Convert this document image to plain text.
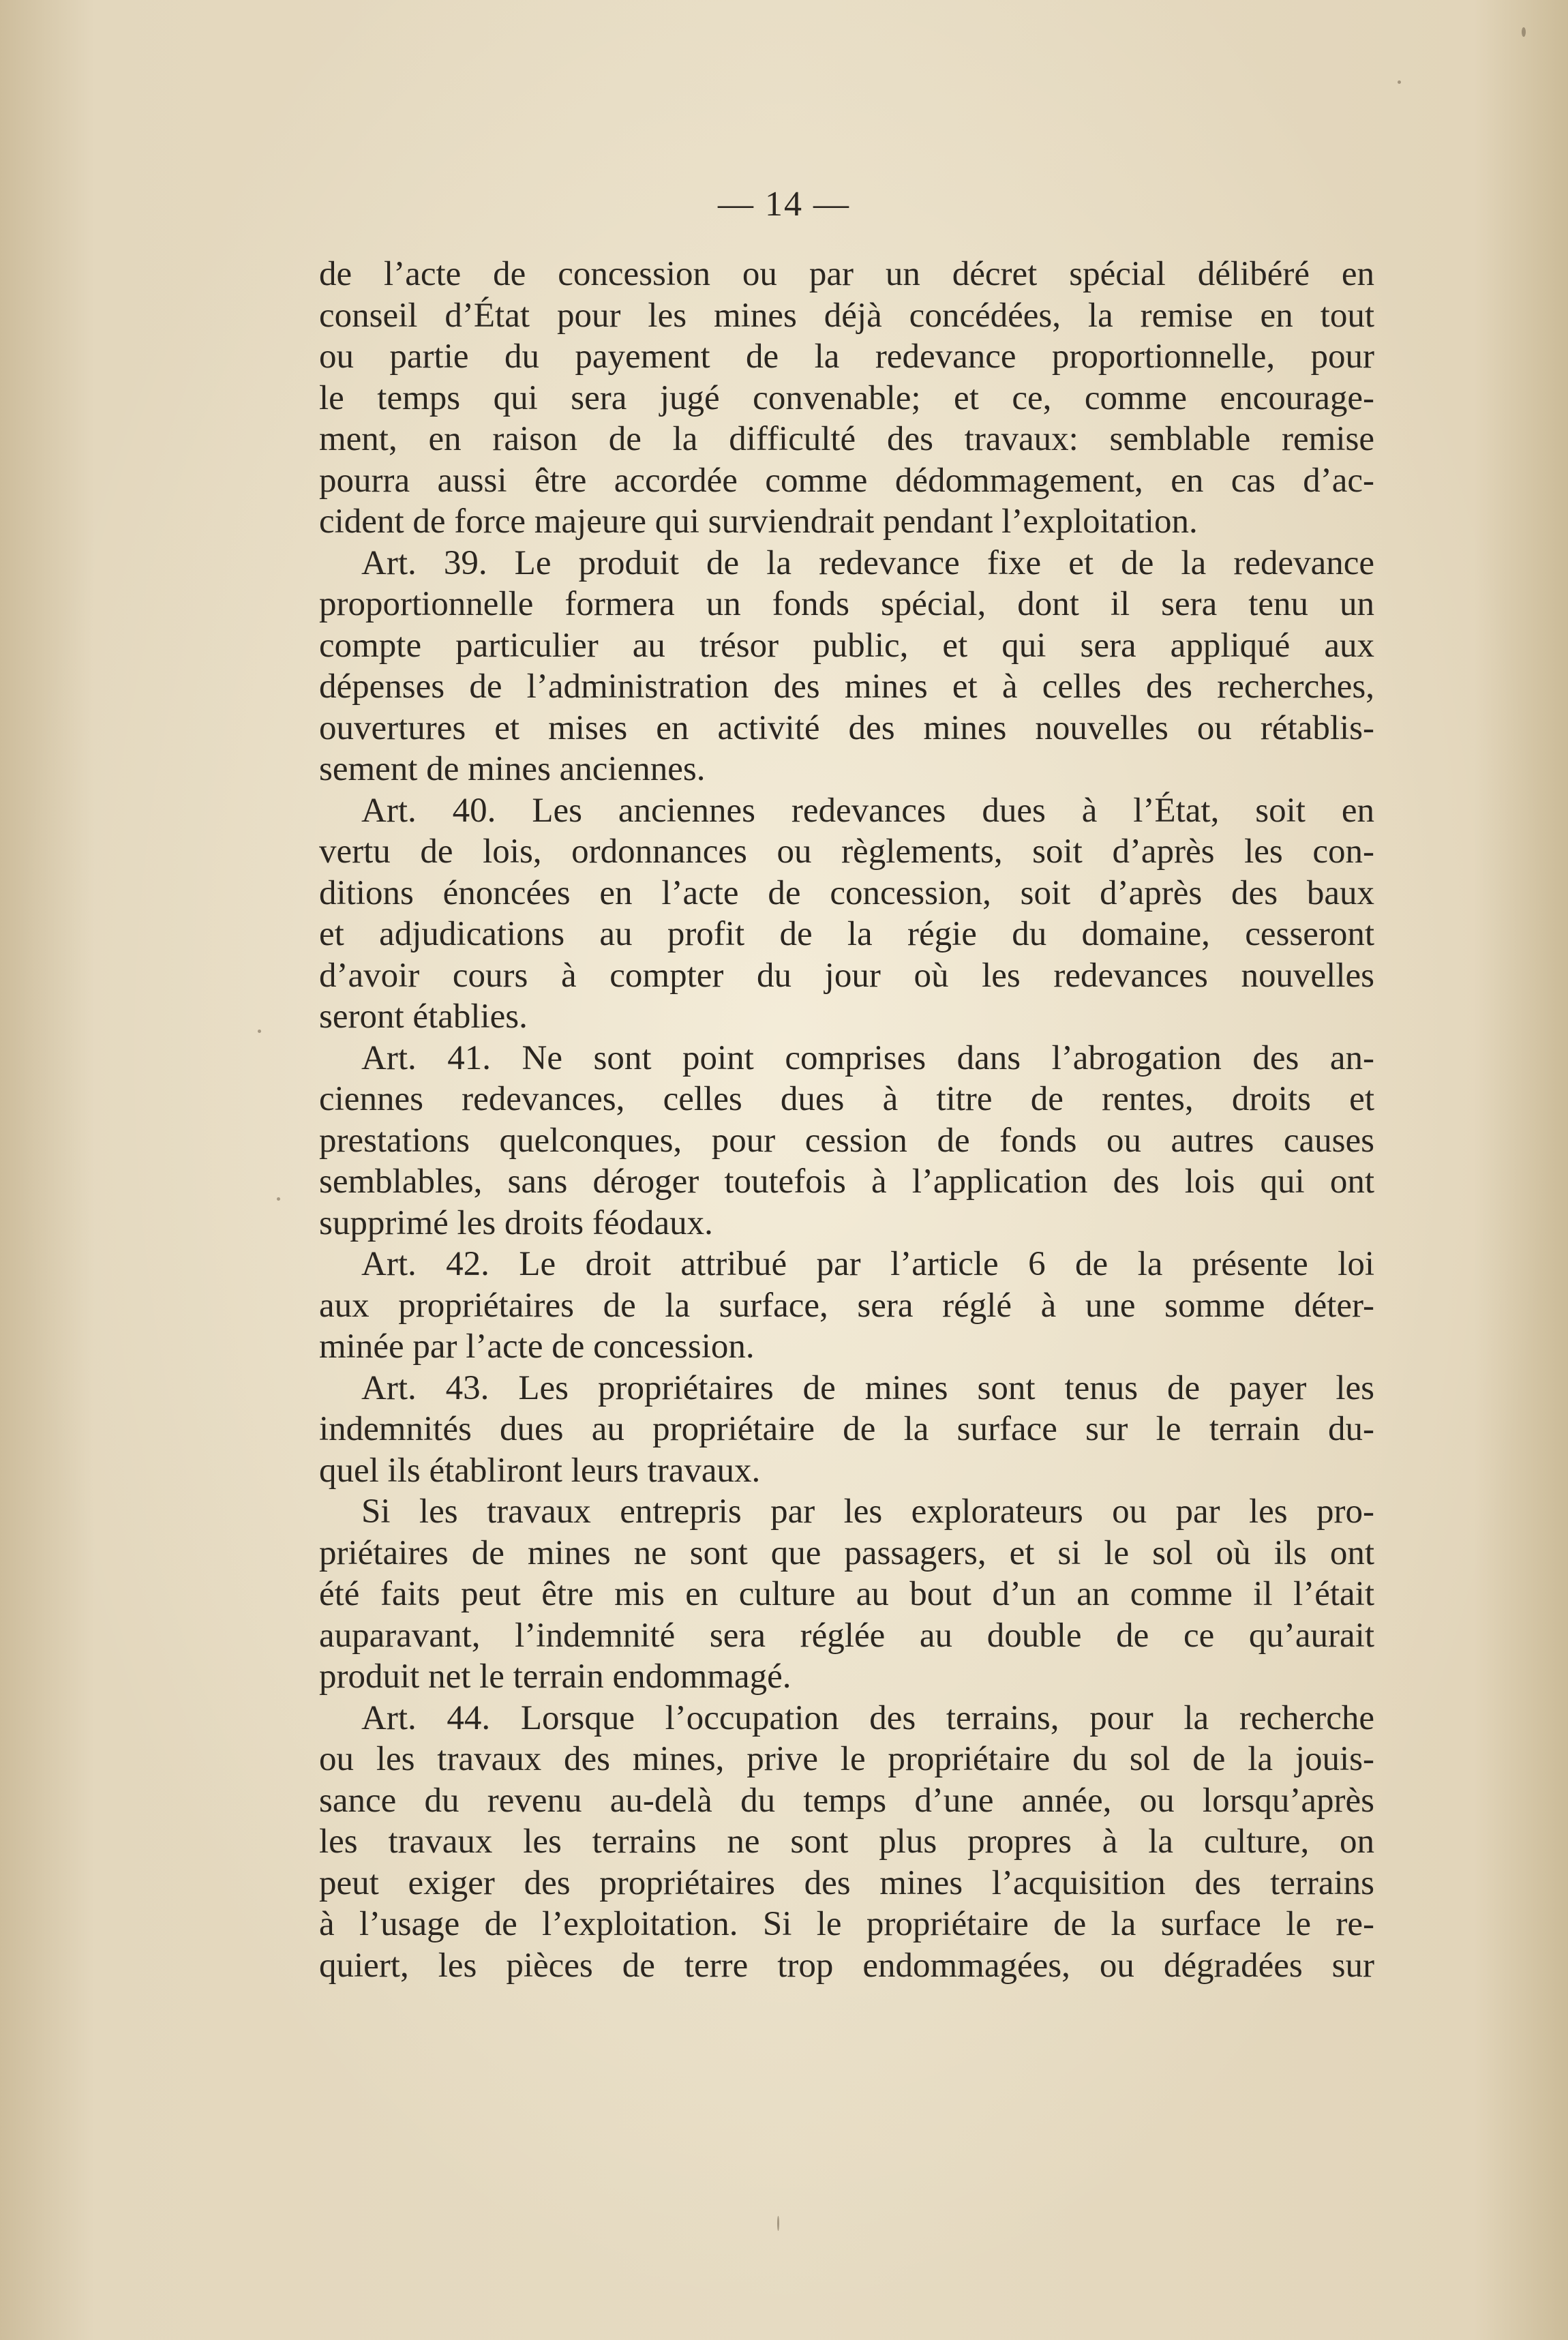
— 14 —
de l’acte de concession ou par un décret spécial délibéré en
conseil d’État pour les mines déjà concédées, la remise en tout
ou partie du payement de la redevance proportionnelle, pour
le temps qui sera jugé convenable; et ce, comme encourage-
ment, en raison de la difficulté des travaux: semblable remise
pourra aussi être accordée comme dédommagement, en cas d’ac-
cident de force majeure qui surviendrait pendant l’exploitation.
Art. 39. Le produit de la redevance fixe et de la redevance
proportionnelle formera un fonds spécial, dont il sera tenu un
compte particulier au trésor public, et qui sera appliqué aux
dépenses de l’administration des mines et à celles des recherches,
ouvertures et mises en activité des mines nouvelles ou rétablis-
sement de mines anciennes.
Art. 40. Les anciennes redevances dues à l’État, soit en
vertu de lois, ordonnances ou règlements, soit d’après les con-
ditions énoncées en l’acte de concession, soit d’après des baux
et adjudications au profit de la régie du domaine, cesseront
d’avoir cours à compter du jour où les redevances nouvelles
seront établies.
Art. 41. Ne sont point comprises dans l’abrogation des an-
ciennes redevances, celles dues à titre de rentes, droits et
prestations quelconques, pour cession de fonds ou autres causes
semblables, sans déroger toutefois à l’application des lois qui ont
supprimé les droits féodaux.
Art. 42. Le droit attribué par l’article 6 de la présente loi
aux propriétaires de la surface, sera réglé à une somme déter-
minée par l’acte de concession.
Art. 43. Les propriétaires de mines sont tenus de payer les
indemnités dues au propriétaire de la surface sur le terrain du-
quel ils établiront leurs travaux.
Si les travaux entrepris par les explorateurs ou par les pro-
priétaires de mines ne sont que passagers, et si le sol où ils ont
été faits peut être mis en culture au bout d’un an comme il l’était
auparavant, l’indemnité sera réglée au double de ce qu’aurait
produit net le terrain endommagé.
Art. 44. Lorsque l’occupation des terrains, pour la recherche
ou les travaux des mines, prive le propriétaire du sol de la jouis-
sance du revenu au-delà du temps d’une année, ou lorsqu’après
les travaux les terrains ne sont plus propres à la culture, on
peut exiger des propriétaires des mines l’acquisition des terrains
à l’usage de l’exploitation. Si le propriétaire de la surface le re-
quiert, les pièces de terre trop endommagées, ou dégradées sur
